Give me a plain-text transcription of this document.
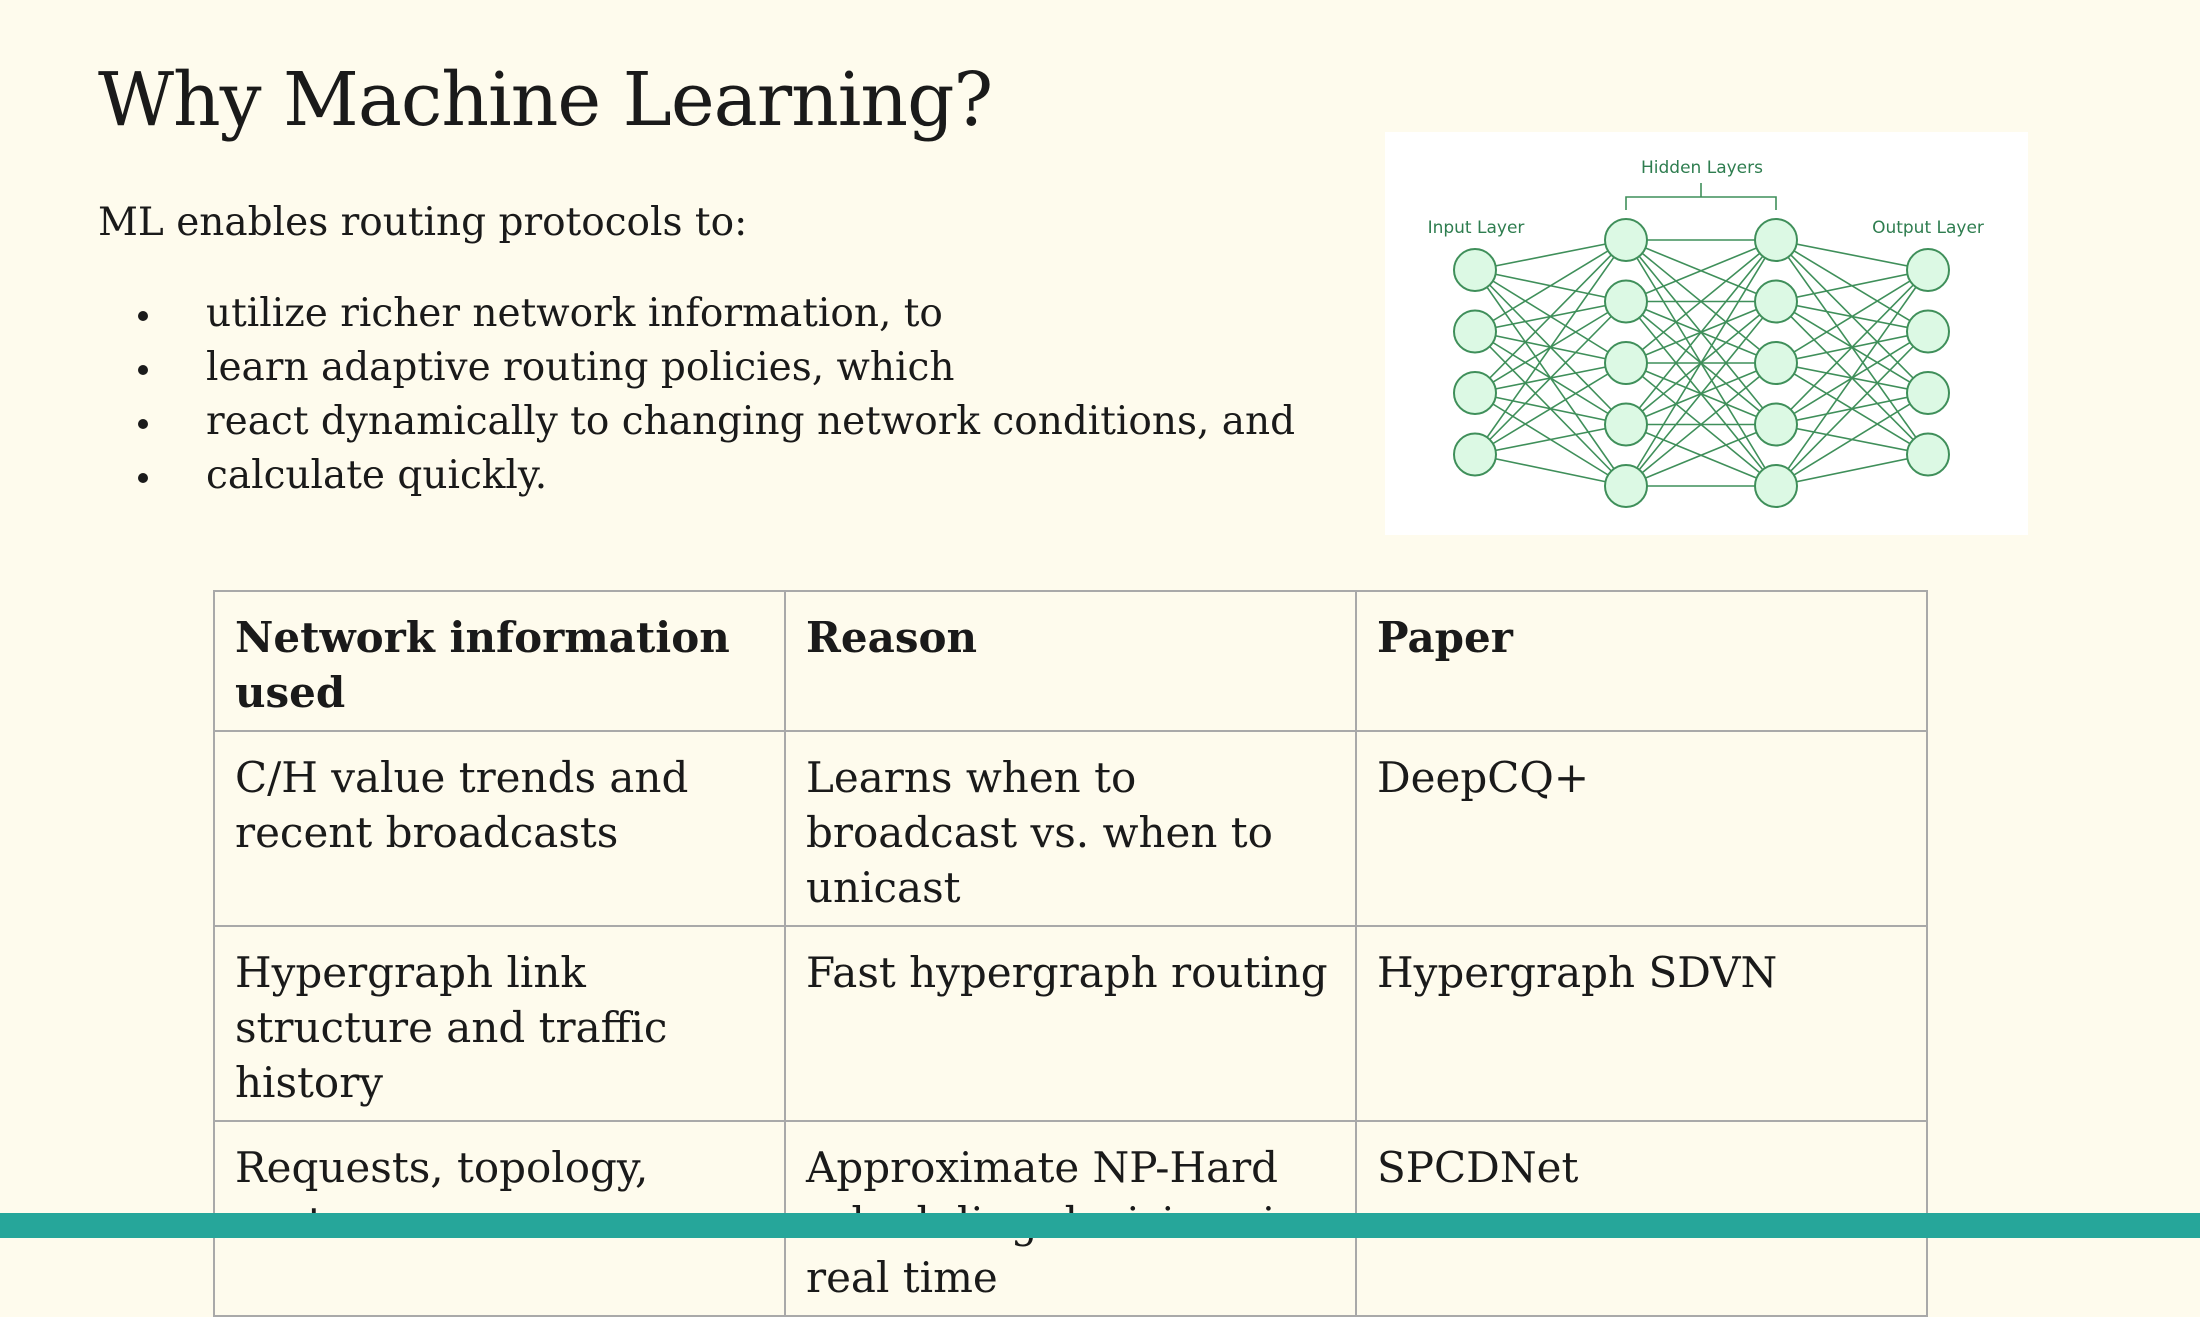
Why Machine Learning?
ML enables routing protocols to:
utilize richer network information, to
learn adaptive routing policies, which
react dynamically to changing network conditions, and
calculate quickly.
Hidden Layers
Input Layer	Output Layer
Network information used	Reason	Paper
C/H value trends and recent broadcasts	Learns when to broadcast vs. when to unicast	DeepCQ+
Hypergraph link structure and traffic history	Fast hypergraph routing	Hypergraph SDVN
Requests, topology,	Approximate NP-Hard real time	SPCDNet
